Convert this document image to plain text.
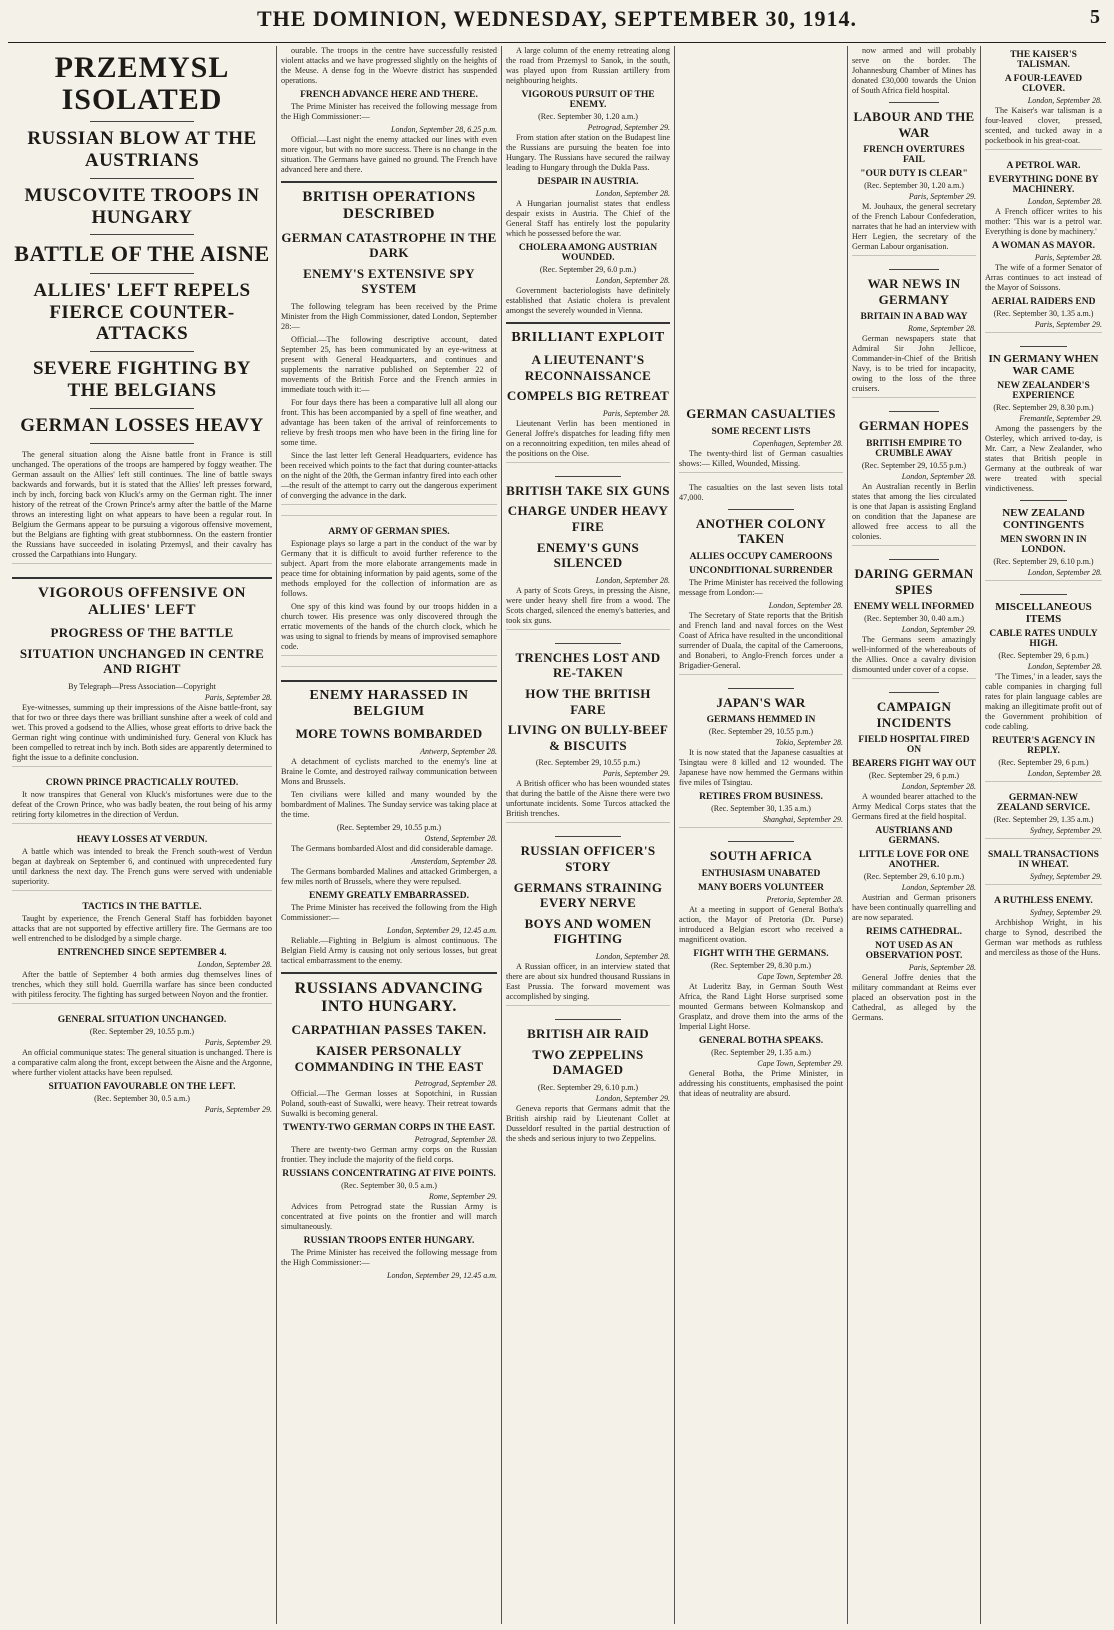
THE DOMINION, WEDNESDAY, SEPTEMBER 30, 1914.	5
PRZEMYSL ISOLATED
RUSSIAN BLOW AT THE AUSTRIANS
MUSCOVITE TROOPS IN HUNGARY
BATTLE OF THE AISNE
ALLIES' LEFT REPELS FIERCE COUNTER-ATTACKS
SEVERE FIGHTING BY THE BELGIANS
GERMAN LOSSES HEAVY

The general situation along the Aisne battle front in France is still unchanged. The operations of the troops are hampered by foggy weather. The German assault on the Allies' left still continues. The line of battle sways backwards and forwards, but it is stated that the Allies' left presses forward, inch by inch, forcing back von Kluck's army on the German right. The inner history of the retreat of the Crown Prince's army after the battle of the Marne throws an interesting light on what appears to have been a regular rout. In Belgium the Germans appear to be pursuing a vigorous offensive movement, but the Belgians are fighting with great stubbornness. On the eastern frontier the Russians have succeeded in isolating Przemysl, and their cavalry has crossed the Carpathians into Hungary.

VIGOROUS OFFENSIVE ON ALLIES' LEFT
PROGRESS OF THE BATTLE
SITUATION UNCHANGED IN CENTRE AND RIGHT
By Telegraph—Press Association—Copyright
Paris, September 28.

Eye-witnesses, summing up their impressions of the Aisne battle-front, say that for two or three days there was brilliant sunshine after a week of cold and wet. This proved a godsend to the Allies, whose great efforts to drive back the German right wing continue with undiminished fury. General von Kluck has been compelled to retreat inch by inch. Both sides are apparently determined to fight the issue to a definite conclusion.

CROWN PRINCE PRACTICALLY ROUTED.

It now transpires that General von Kluck's misfortunes were due to the defeat of the Crown Prince, who was badly beaten, the rout being of his army retiring forty kilometres in the direction of Verdun.

HEAVY LOSSES AT VERDUN.

A battle which was intended to break the French south-west of Verdun began at daybreak on September 6, and continued with unprecedented fury until darkness the next day. The French guns were served with undeniable superiority.

TACTICS IN THE BATTLE.

Taught by experience, the French General Staff has forbidden bayonet attacks that are not supported by effective artillery fire. The Germans are too well entrenched to be dislodged by a simple charge.

ENTRENCHED SINCE SEPTEMBER 4.
London, September 28.

After the battle of September 4 both armies dug themselves lines of trenches, which they still hold. Guerrilla warfare has since been conducted with pitiless ferocity. The fighting has surged between Noyon and the frontier.

GENERAL SITUATION UNCHANGED.
(Rec. September 29, 10.55 p.m.)
Paris, September 29.

An official communique states: The general situation is unchanged. There is a comparative calm along the front, except between the Aisne and the Argonne, where further violent attacks have been repulsed.

SITUATION FAVOURABLE ON THE LEFT.
(Rec. September 30, 0.5 a.m.)
Paris, September 29.

ourable. The troops in the centre have successfully resisted violent attacks and we have progressed slightly on the heights of the Meuse. A dense fog in the Woevre district has suspended operations.

FRENCH ADVANCE HERE AND THERE.

The Prime Minister has received the following message from the High Commissioner:—

London, September 28, 6.25 p.m.

Official.—Last night the enemy attacked our lines with even more vigour, but with no more success. There is no change in the situation. The Germans have gained no ground. The French have advanced here and there.

BRITISH OPERATIONS DESCRIBED
GERMAN CATASTROPHE IN THE DARK
ENEMY'S EXTENSIVE SPY SYSTEM

The following telegram has been received by the Prime Minister from the High Commissioner, dated London, September 28:—

Official.—The following descriptive account, dated September 25, has been communicated by an eye-witness at present with General Headquarters, and continues and supplements the narrative published on September 22 of movements of the British Force and the French armies in immediate touch with it:—

For four days there has been a comparative lull all along our front. This has been accompanied by a spell of fine weather, and advantage has been taken of the arrival of reinforcements to relieve by fresh troops men who have been in the firing line for some time.

Since the last letter left General Headquarters, evidence has been received which points to the fact that during counter-attacks on the night of the 20th, the German infantry fired into each other—the result of the attempt to carry out the dangerous experiment of converging the advance in the dark.

ARMY OF GERMAN SPIES.

Espionage plays so large a part in the conduct of the war by Germany that it is difficult to avoid further reference to the subject. Apart from the more elaborate arrangements made in peace time for obtaining information by paid agents, some of the methods employed for the collection of information are as follows.

One spy of this kind was found by our troops hidden in a church tower. His presence was only discovered through the erratic movements of the hands of the church clock, which he was using to signal to friends by means of improvised semaphore code.

ENEMY HARASSED IN BELGIUM
MORE TOWNS BOMBARDED
Antwerp, September 28.

A detachment of cyclists marched to the enemy's line at Braine le Comte, and destroyed railway communication between Mons and Brussels.

Ten civilians were killed and many wounded by the bombardment of Malines. The Sunday service was taking place at the time.

(Rec. September 29, 10.55 p.m.)
Ostend, September 28.

The Germans bombarded Alost and did considerable damage.

Amsterdam, September 28.

The Germans bombarded Malines and attacked Grimbergen, a few miles north of Brussels, where they were repulsed.

ENEMY GREATLY EMBARRASSED.

The Prime Minister has received the following from the High Commissioner:—

London, September 29, 12.45 a.m.

Reliable.—Fighting in Belgium is almost continuous. The Belgian Field Army is causing not only serious losses, but great tactical embarrassment to the enemy.

RUSSIANS ADVANCING INTO HUNGARY.
CARPATHIAN PASSES TAKEN.
KAISER PERSONALLY COMMANDING IN THE EAST
Petrograd, September 28.

Official.—The German losses at Sopotchini, in Russian Poland, south-east of Suwalki, were heavy. Their retreat towards Suwalki is becoming general.

TWENTY-TWO GERMAN CORPS IN THE EAST.
Petrograd, September 28.

There are twenty-two German army corps on the Russian frontier. They include the majority of the field corps.

RUSSIANS CONCENTRATING AT FIVE POINTS.
(Rec. September 30, 0.5 a.m.)
Rome, September 29.

Advices from Petrograd state the Russian Army is concentrated at five points on the frontier and will march simultaneously.

RUSSIAN TROOPS ENTER HUNGARY.

The Prime Minister has received the following message from the High Commissioner:—

London, September 29, 12.45 a.m.

A large column of the enemy retreating along the road from Przemysl to Sanok, in the south, was played upon from Russian artillery from neighbouring heights.

VIGOROUS PURSUIT OF THE ENEMY.
(Rec. September 30, 1.20 a.m.)
Petrograd, September 29.

From station after station on the Budapest line the Russians are pursuing the beaten foe into Hungary. The Russians have secured the railway leading to Hungary through the Dukla Pass.

DESPAIR IN AUSTRIA.
London, September 28.

A Hungarian journalist states that endless despair exists in Austria. The Chief of the General Staff has entirely lost the popularity which he possessed before the war.

CHOLERA AMONG AUSTRIAN WOUNDED.
(Rec. September 29, 6.0 p.m.)
London, September 28.

Government bacteriologists have definitely established that Asiatic cholera is prevalent amongst the severely wounded in Vienna.

BRILLIANT EXPLOIT
A LIEUTENANT'S RECONNAISSANCE
COMPELS BIG RETREAT
Paris, September 28.

Lieutenant Verlin has been mentioned in General Joffre's dispatches for leading fifty men on a reconnoitring expedition, ten miles ahead of the positions on the Oise.

BRITISH TAKE SIX GUNS
CHARGE UNDER HEAVY FIRE
ENEMY'S GUNS SILENCED
London, September 28.

A party of Scots Greys, in pressing the Aisne, were under heavy shell fire from a wood. The Scots charged, silenced the enemy's batteries, and took six guns.

TRENCHES LOST AND RE-TAKEN
HOW THE BRITISH FARE
LIVING ON BULLY-BEEF & BISCUITS
(Rec. September 29, 10.55 p.m.)
Paris, September 29.

A British officer who has been wounded states that during the battle of the Aisne there were two unfortunate incidents. Some Turcos attacked the British trenches.

RUSSIAN OFFICER'S STORY
GERMANS STRAINING EVERY NERVE
BOYS AND WOMEN FIGHTING
London, September 28.

A Russian officer, in an interview stated that there are about six hundred thousand Russians in East Prussia. The forward movement was accomplished by singing.

BRITISH AIR RAID
TWO ZEPPELINS DAMAGED
(Rec. September 29, 6.10 p.m.)
London, September 29.

Geneva reports that Germans admit that the British airship raid by Lieutenant Collet at Dusseldorf resulted in the partial destruction of the sheds and serious injury to two Zeppelins.

GERMAN CASUALTIES
SOME RECENT LISTS
Copenhagen, September 28.

The twenty-third list of German casualties shows:— Killed, Wounded, Missing.

The casualties on the last seven lists total 47,000.

ANOTHER COLONY TAKEN
ALLIES OCCUPY CAMEROONS
UNCONDITIONAL SURRENDER

The Prime Minister has received the following message from London:—

London, September 28.

The Secretary of State reports that the British and French land and naval forces on the West Coast of Africa have resulted in the unconditional surrender of Duala, the capital of the Cameroons, and Bonaberi, to Anglo-French forces under a Brigadier-General.

JAPAN'S WAR
GERMANS HEMMED IN
(Rec. September 29, 10.55 p.m.)
Tokio, September 28.

It is now stated that the Japanese casualties at Tsingtau were 8 killed and 12 wounded. The Japanese have now hemmed the Germans within five miles of Tsingtau.

RETIRES FROM BUSINESS.
(Rec. September 30, 1.35 a.m.)
Shanghai, September 29.
SOUTH AFRICA
ENTHUSIASM UNABATED
MANY BOERS VOLUNTEER
Pretoria, September 28.

At a meeting in support of General Botha's action, the Mayor of Pretoria (Dr. Purse) introduced a Belgian escort who received a magnificent ovation.

FIGHT WITH THE GERMANS.
(Rec. September 29, 8.30 p.m.)
Cape Town, September 28.

At Luderitz Bay, in German South West Africa, the Rand Light Horse surprised some mounted Germans between Kolmanskop and Grasplatz, and drove them into the arms of the Imperial Light Horse.

GENERAL BOTHA SPEAKS.
(Rec. September 29, 1.35 a.m.)
Cape Town, September 29.

General Botha, the Prime Minister, in addressing his constituents, emphasised the point that ideas of neutrality are absurd.

now armed and will probably serve on the border. The Johannesburg Chamber of Mines has donated £30,000 towards the Union of South Africa field hospital.

LABOUR AND THE WAR
FRENCH OVERTURES FAIL
"OUR DUTY IS CLEAR"
(Rec. September 30, 1.20 a.m.)
Paris, September 29.

M. Jouhaux, the general secretary of the French Labour Confederation, narrates that he had an interview with Herr Legien, the secretary of the German Labour organisation.

WAR NEWS IN GERMANY
BRITAIN IN A BAD WAY
Rome, September 28.

German newspapers state that Admiral Sir John Jellicoe, Commander-in-Chief of the British Navy, is to be tried for incapacity, owing to the loss of the three cruisers.

GERMAN HOPES
BRITISH EMPIRE TO CRUMBLE AWAY
(Rec. September 29, 10.55 p.m.)
London, September 28.

An Australian recently in Berlin states that among the lies circulated is one that Japan is assisting England on condition that the Japanese are allowed free access to all the colonies.

DARING GERMAN SPIES
ENEMY WELL INFORMED
(Rec. September 30, 0.40 a.m.)
London, September 29.

The Germans seem amazingly well-informed of the whereabouts of the Allies. Once a cavalry division dismounted under cover of a copse.

CAMPAIGN INCIDENTS
FIELD HOSPITAL FIRED ON
BEARERS FIGHT WAY OUT
(Rec. September 29, 6 p.m.)
London, September 28.

A wounded bearer attached to the Army Medical Corps states that the Germans fired at the field hospital.

AUSTRIANS AND GERMANS.
LITTLE LOVE FOR ONE ANOTHER.
(Rec. September 29, 6.10 p.m.)
London, September 28.

Austrian and German prisoners have been continually quarrelling and are now separated.

REIMS CATHEDRAL.
NOT USED AS AN OBSERVATION POST.
Paris, September 28.

General Joffre denies that the military commandant at Reims ever placed an observation post in the Cathedral, as alleged by the Germans.

THE KAISER'S TALISMAN.
A FOUR-LEAVED CLOVER.
London, September 28.

The Kaiser's war talisman is a four-leaved clover, pressed, scented, and tucked away in a pocketbook in his great-coat.

A PETROL WAR.
EVERYTHING DONE BY MACHINERY.
London, September 28.

A French officer writes to his mother: 'This war is a petrol war. Everything is done by machinery.'

A WOMAN AS MAYOR.
Paris, September 28.

The wife of a former Senator of Arras continues to act instead of the Mayor of Soissons.

AERIAL RAIDERS END
(Rec. September 30, 1.35 a.m.)
Paris, September 29.
IN GERMANY WHEN WAR CAME
NEW ZEALANDER'S EXPERIENCE
(Rec. September 29, 8.30 p.m.)
Fremantle, September 29.

Among the passengers by the Osterley, which arrived to-day, is Mr. Carr, a New Zealander, who states that British people in Germany at the outbreak of war were treated with special vindictiveness.

NEW ZEALAND CONTINGENTS
MEN SWORN IN IN LONDON.
(Rec. September 29, 6.10 p.m.)
London, September 28.
MISCELLANEOUS ITEMS
CABLE RATES UNDULY HIGH.
(Rec. September 29, 6 p.m.)
London, September 28.

'The Times,' in a leader, says the cable companies in charging full rates for plain language cables are making an illegitimate profit out of the Government prohibition of code cabling.

REUTER'S AGENCY IN REPLY.
(Rec. September 29, 6 p.m.)
London, September 28.
GERMAN-NEW ZEALAND SERVICE.
(Rec. September 29, 1.35 a.m.)
Sydney, September 29.
SMALL TRANSACTIONS IN WHEAT.
Sydney, September 29.
A RUTHLESS ENEMY.
Sydney, September 29.

Archbishop Wright, in his charge to Synod, described the German war methods as ruthless and merciless as those of the Huns.
